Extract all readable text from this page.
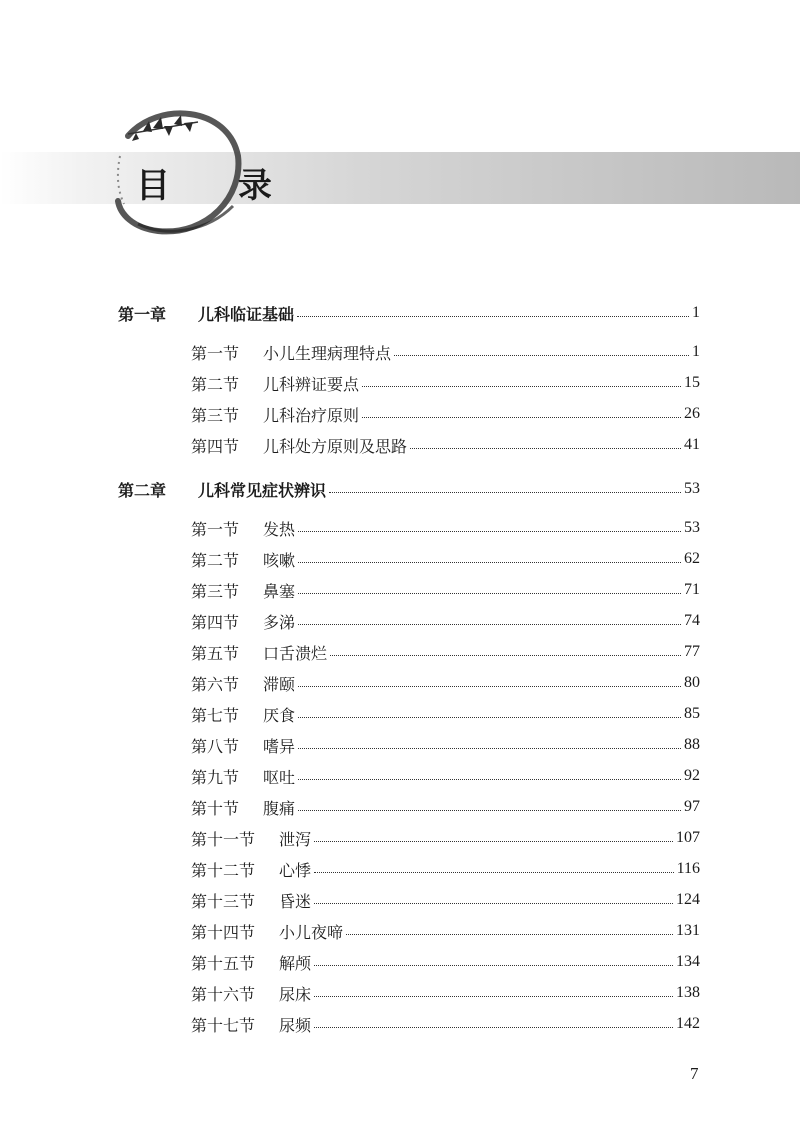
目 录
第一章	儿科临证基础	1
第一节	小儿生理病理特点	1
第二节	儿科辨证要点	15
第三节	儿科治疗原则	26
第四节	儿科处方原则及思路	41
第二章	儿科常见症状辨识	53
第一节	发热	53
第二节	咳嗽	62
第三节	鼻塞	71
第四节	多涕	74
第五节	口舌溃烂	77
第六节	滞颐	80
第七节	厌食	85
第八节	嗜异	88
第九节	呕吐	92
第十节	腹痛	97
第十一节	泄泻	107
第十二节	心悸	116
第十三节	昏迷	124
第十四节	小儿夜啼	131
第十五节	解颅	134
第十六节	尿床	138
第十七节	尿频	142
7
